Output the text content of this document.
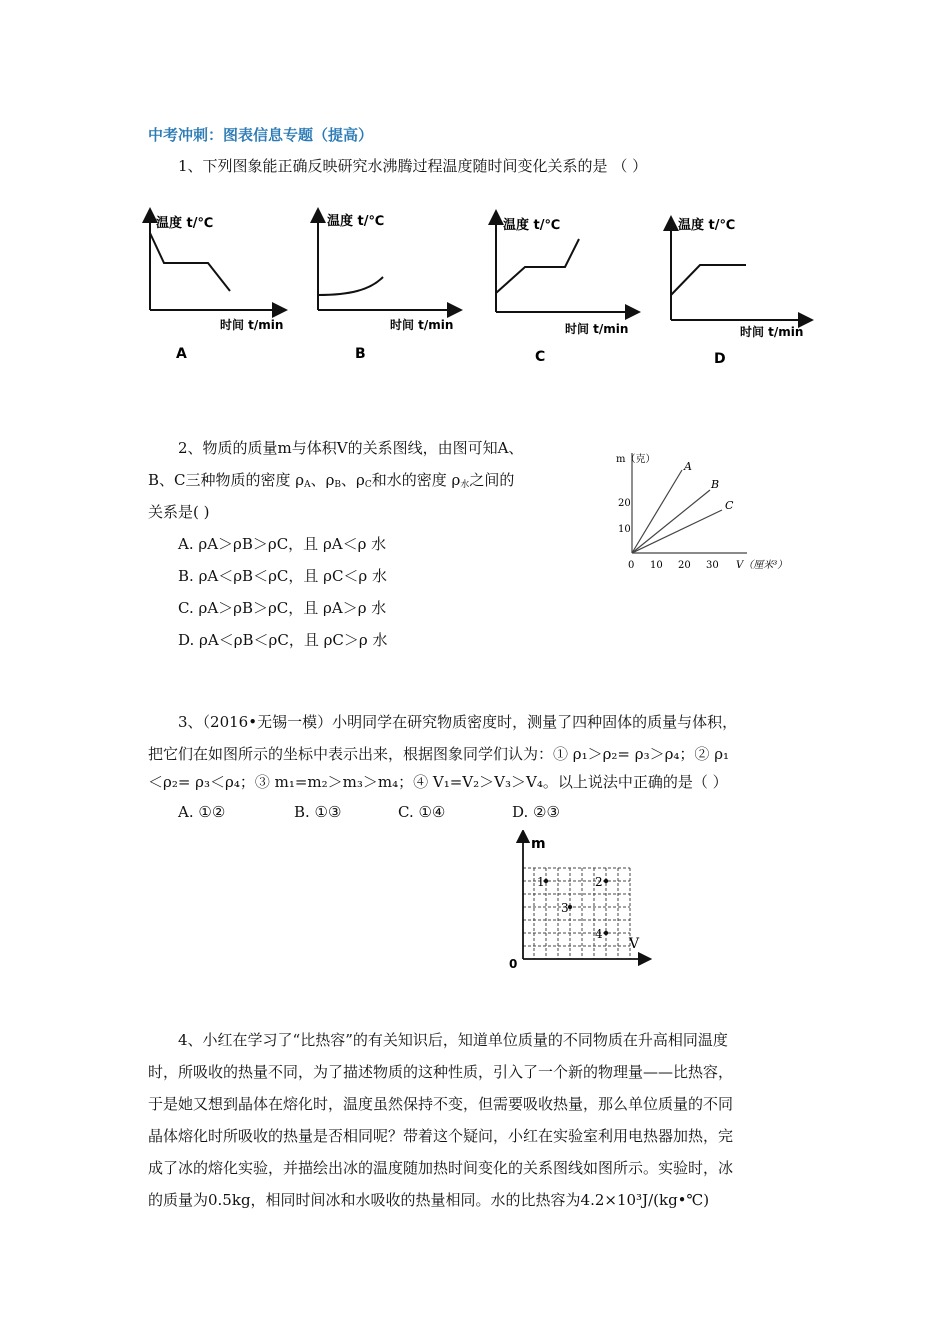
中考冲刺：图表信息专题（提高）
1、下列图象能正确反映研究水沸腾过程温度随时间变化关系的是 （ ）
温度 t/℃
时间 t/min
A
温度 t/℃
时间 t/min
B
温度 t/℃
时间 t/min
C
温度 t/℃
时间 t/min
D
2、物质的质量m与体积V的关系图线，由图可知A、
B、C三种物质的密度 $\rho_A$、$\rho_B$、$\rho_C$和水的密度 $\rho_水$之间的
关系是( )
A. ρA＞ρB＞ρC，且 ρA＜ρ 水
B. ρA＜ρB＜ρC，且 ρC＜ρ 水
C. ρA＞ρB＞ρC，且 ρA＞ρ 水
D. ρA＜ρB＜ρC，且 ρC＞ρ 水
A
B
C
m（克）
20
10
0 10 20 30 V（厘米³）
3、（2016•无锡一模）小明同学在研究物质密度时，测量了四种固体的质量与体积，
把它们在如图所示的坐标中表示出来，根据图象同学们认为：① ρ₁＞ρ₂= ρ₃＞ρ₄；② ρ₁
＜ρ₂= ρ₃＜ρ₄；③ m₁=m₂＞m₃＞m₄；④ V₁=V₂＞V₃＞V₄。以上说法中正确的是（ ）
A. ①②	B. ①③	C. ①④	D. ②③
m
V
0
1	2
3
4
4、小红在学习了“比热容”的有关知识后，知道单位质量的不同物质在升高相同温度
时，所吸收的热量不同，为了描述物质的这种性质，引入了一个新的物理量——比热容，
于是她又想到晶体在熔化时，温度虽然保持不变，但需要吸收热量，那么单位质量的不同
晶体熔化时所吸收的热量是否相同呢？带着这个疑问，小红在实验室利用电热器加热，完
成了冰的熔化实验，并描绘出冰的温度随加热时间变化的关系图线如图所示。实验时，冰
的质量为0.5kg，相同时间冰和水吸收的热量相同。水的比热容为4.2×10³J/(kg•℃)
